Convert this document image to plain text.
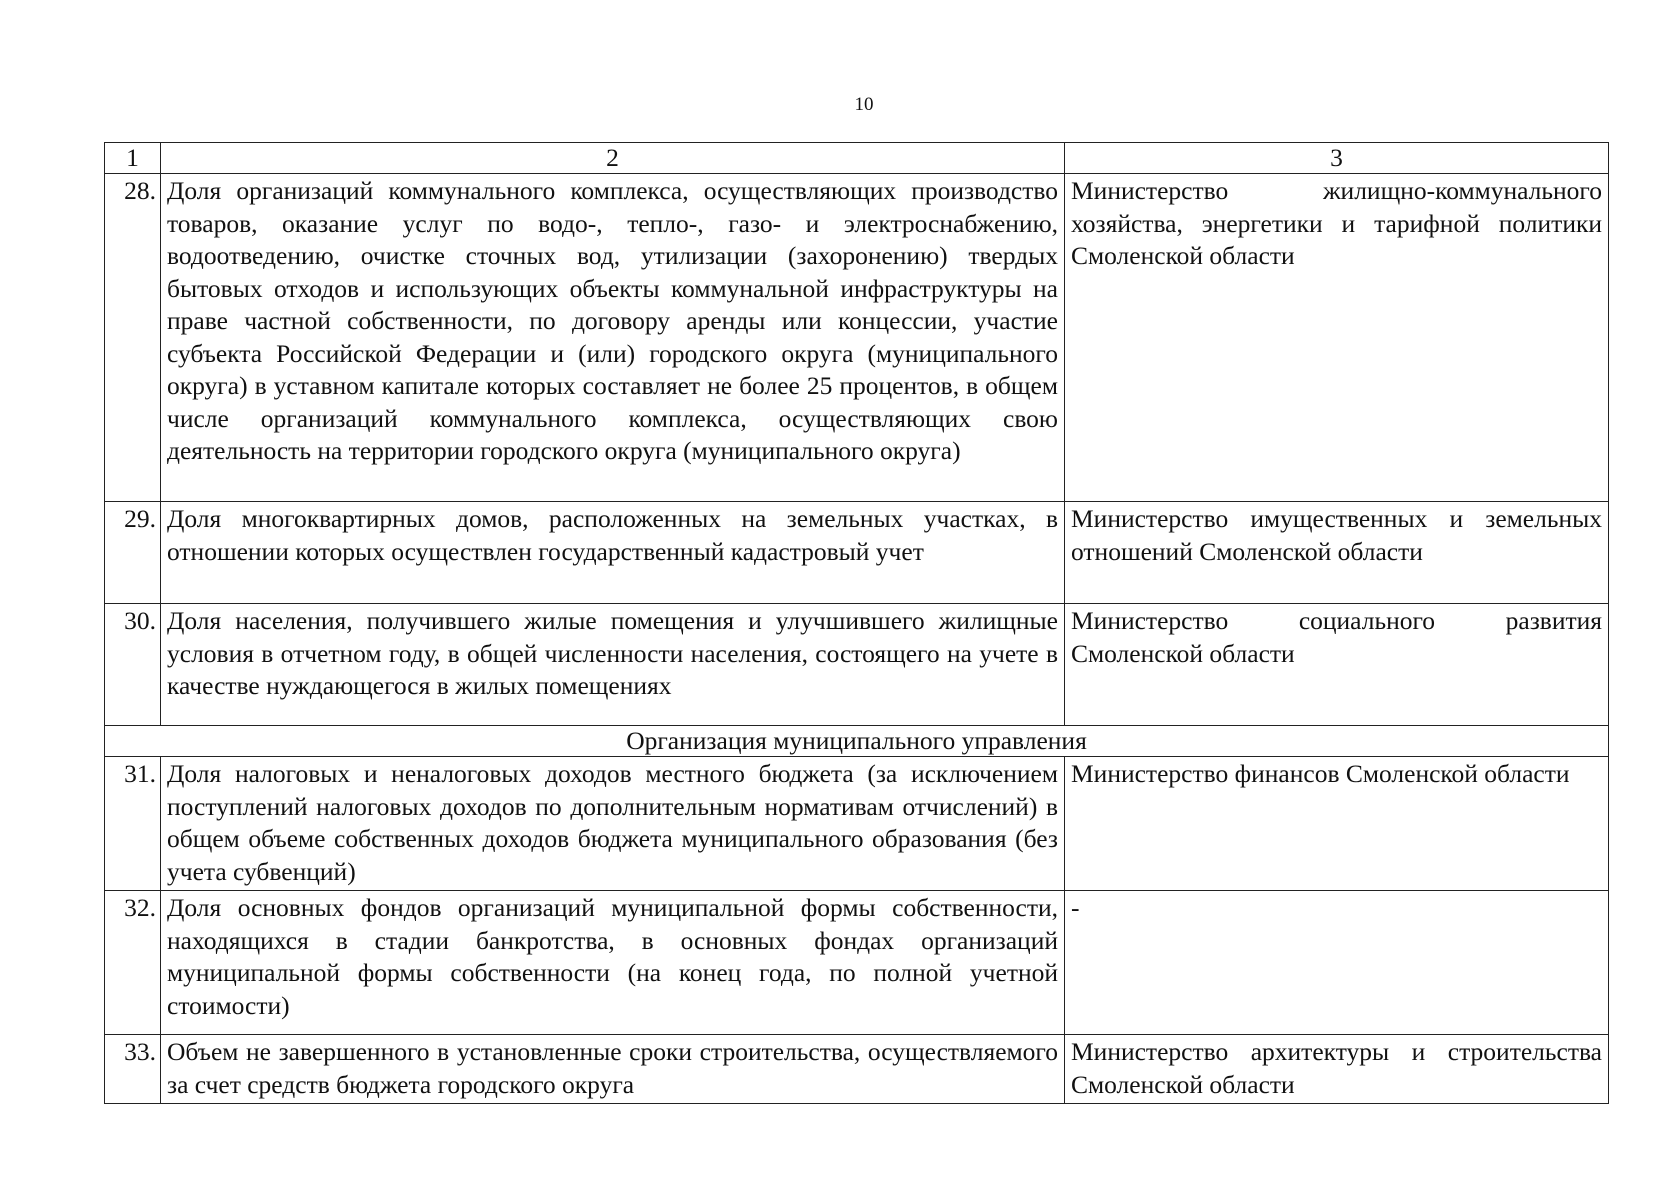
10
1	2	3
28.	Доля организаций коммунального комплекса, осуществляющих производство товаров, оказание услуг по водо-, тепло-, газо- и электроснабжению, водоотведению, очистке сточных вод, утилизации (захоронению) твердых бытовых отходов и использующих объекты коммунальной инфраструктуры на праве частной собственности, по договору аренды или концессии, участие субъекта Российской Федерации и (или) городского округа (муниципального округа) в уставном капитале которых составляет не более 25 процентов, в общем числе организаций коммунального комплекса, осуществляющих свою деятельность на территории городского округа (муниципального округа)	Министерство жилищно-коммунального хозяйства, энергетики и тарифной политики Смоленской области
29.	Доля многоквартирных домов, расположенных на земельных участках, в отношении которых осуществлен государственный кадастровый учет	Министерство имущественных и земельных отношений Смоленской области
30.	Доля населения, получившего жилые помещения и улучшившего жилищные условия в отчетном году, в общей численности населения, состоящего на учете в качестве нуждающегося в жилых помещениях	Министерство социального развития Смоленской области
Организация муниципального управления		
31.	Доля налоговых и неналоговых доходов местного бюджета (за исключением поступлений налоговых доходов по дополнительным нормативам отчислений) в общем объеме собственных доходов бюджета муниципального образования (без учета субвенций)	Министерство финансов Смоленской области
32.	Доля основных фондов организаций муниципальной формы собственности, находящихся в стадии банкротства, в основных фондах организаций муниципальной формы собственности (на конец года, по полной учетной стоимости)	-
33.	Объем не завершенного в установленные сроки строительства, осуществляемого за счет средств бюджета городского округа	Министерство архитектуры и строительства Смоленской области
